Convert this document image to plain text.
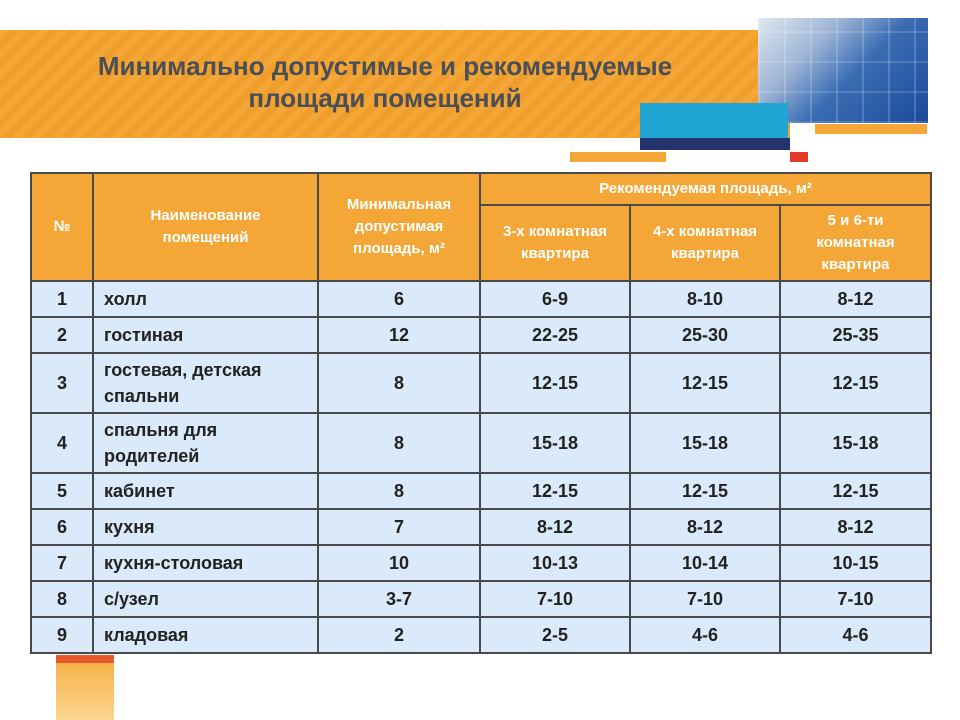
Минимально допустимые и рекомендуемые
площади помещений
№	Наименование помещений	Минимальная допустимая площадь, м²	Рекомендуемая площадь, м²		
			3-х комнатная квартира	4-х комнатная квартира	5 и 6-ти комнатная квартира
1	холл	6	6-9	8-10	8-12
2	гостиная	12	22-25	25-30	25-35
3	гостевая, детская спальни	8	12-15	12-15	12-15
4	спальня для родителей	8	15-18	15-18	15-18
5	кабинет	8	12-15	12-15	12-15
6	кухня	7	8-12	8-12	8-12
7	кухня-столовая	10	10-13	10-14	10-15
8	с/узел	3-7	7-10	7-10	7-10
9	кладовая	2	2-5	4-6	4-6
